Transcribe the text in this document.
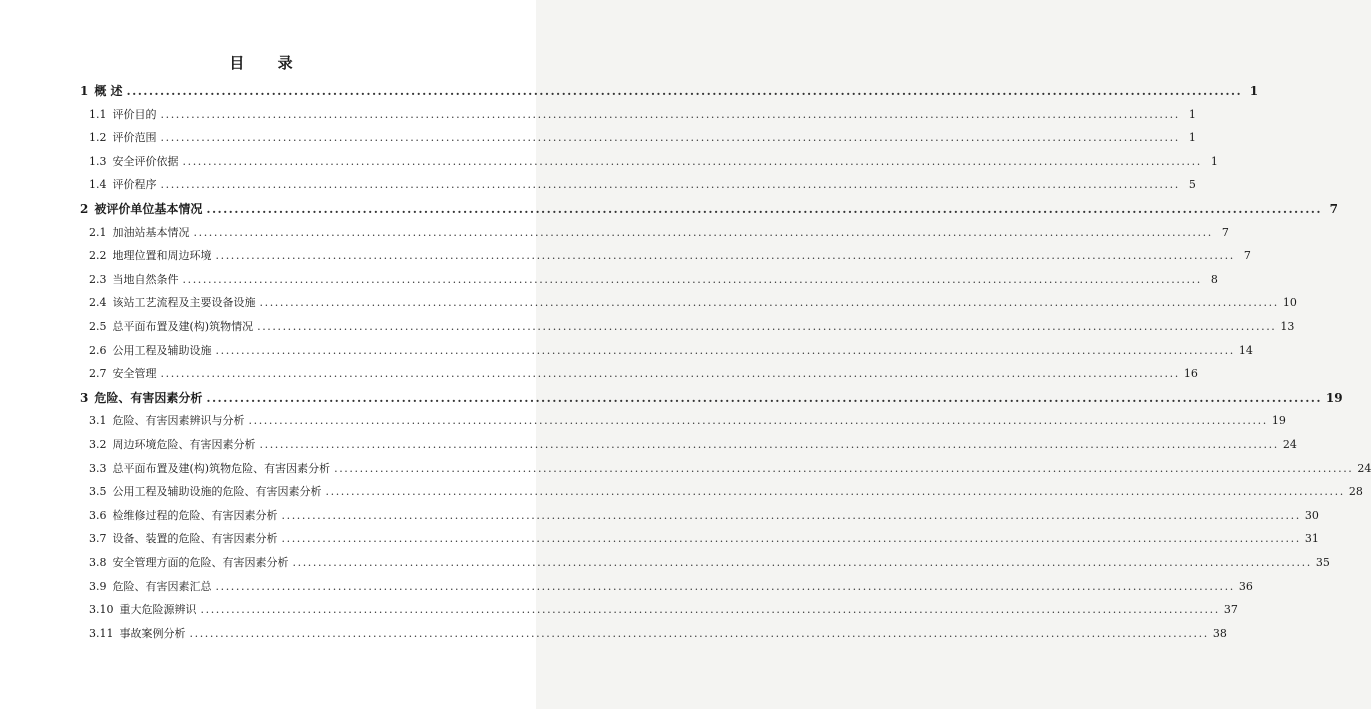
目 录
1 概 述 ........................................................................................................................................................................................................ 1
1.1 评价目的 ........................................................................................................................................................................................................ 1
1.2 评价范围 ........................................................................................................................................................................................................ 1
1.3 安全评价依据 ........................................................................................................................................................................................................ 1
1.4 评价程序 ........................................................................................................................................................................................................ 5
2 被评价单位基本情况 ........................................................................................................................................................................................................ 7
2.1 加油站基本情况 ........................................................................................................................................................................................................ 7
2.2 地理位置和周边环境 ........................................................................................................................................................................................................ 7
2.3 当地自然条件 ........................................................................................................................................................................................................ 8
2.4 该站工艺流程及主要设备设施 ........................................................................................................................................................................................................ 10
2.5 总平面布置及建(构)筑物情况 ........................................................................................................................................................................................................ 13
2.6 公用工程及辅助设施 ........................................................................................................................................................................................................ 14
2.7 安全管理 ........................................................................................................................................................................................................ 16
3 危险、有害因素分析 ........................................................................................................................................................................................................ 19
3.1 危险、有害因素辨识与分析 ........................................................................................................................................................................................................ 19
3.2 周边环境危险、有害因素分析 ........................................................................................................................................................................................................ 24
3.3 总平面布置及建(构)筑物危险、有害因素分析 ........................................................................................................................................................................................................ 24
3.5 公用工程及辅助设施的危险、有害因素分析 ........................................................................................................................................................................................................ 28
3.6 检维修过程的危险、有害因素分析 ........................................................................................................................................................................................................ 30
3.7 设备、装置的危险、有害因素分析 ........................................................................................................................................................................................................ 31
3.8 安全管理方面的危险、有害因素分析 ........................................................................................................................................................................................................ 35
3.9 危险、有害因素汇总 ........................................................................................................................................................................................................ 36
3.10 重大危险源辨识 ........................................................................................................................................................................................................ 37
3.11 事故案例分析 ........................................................................................................................................................................................................ 38
